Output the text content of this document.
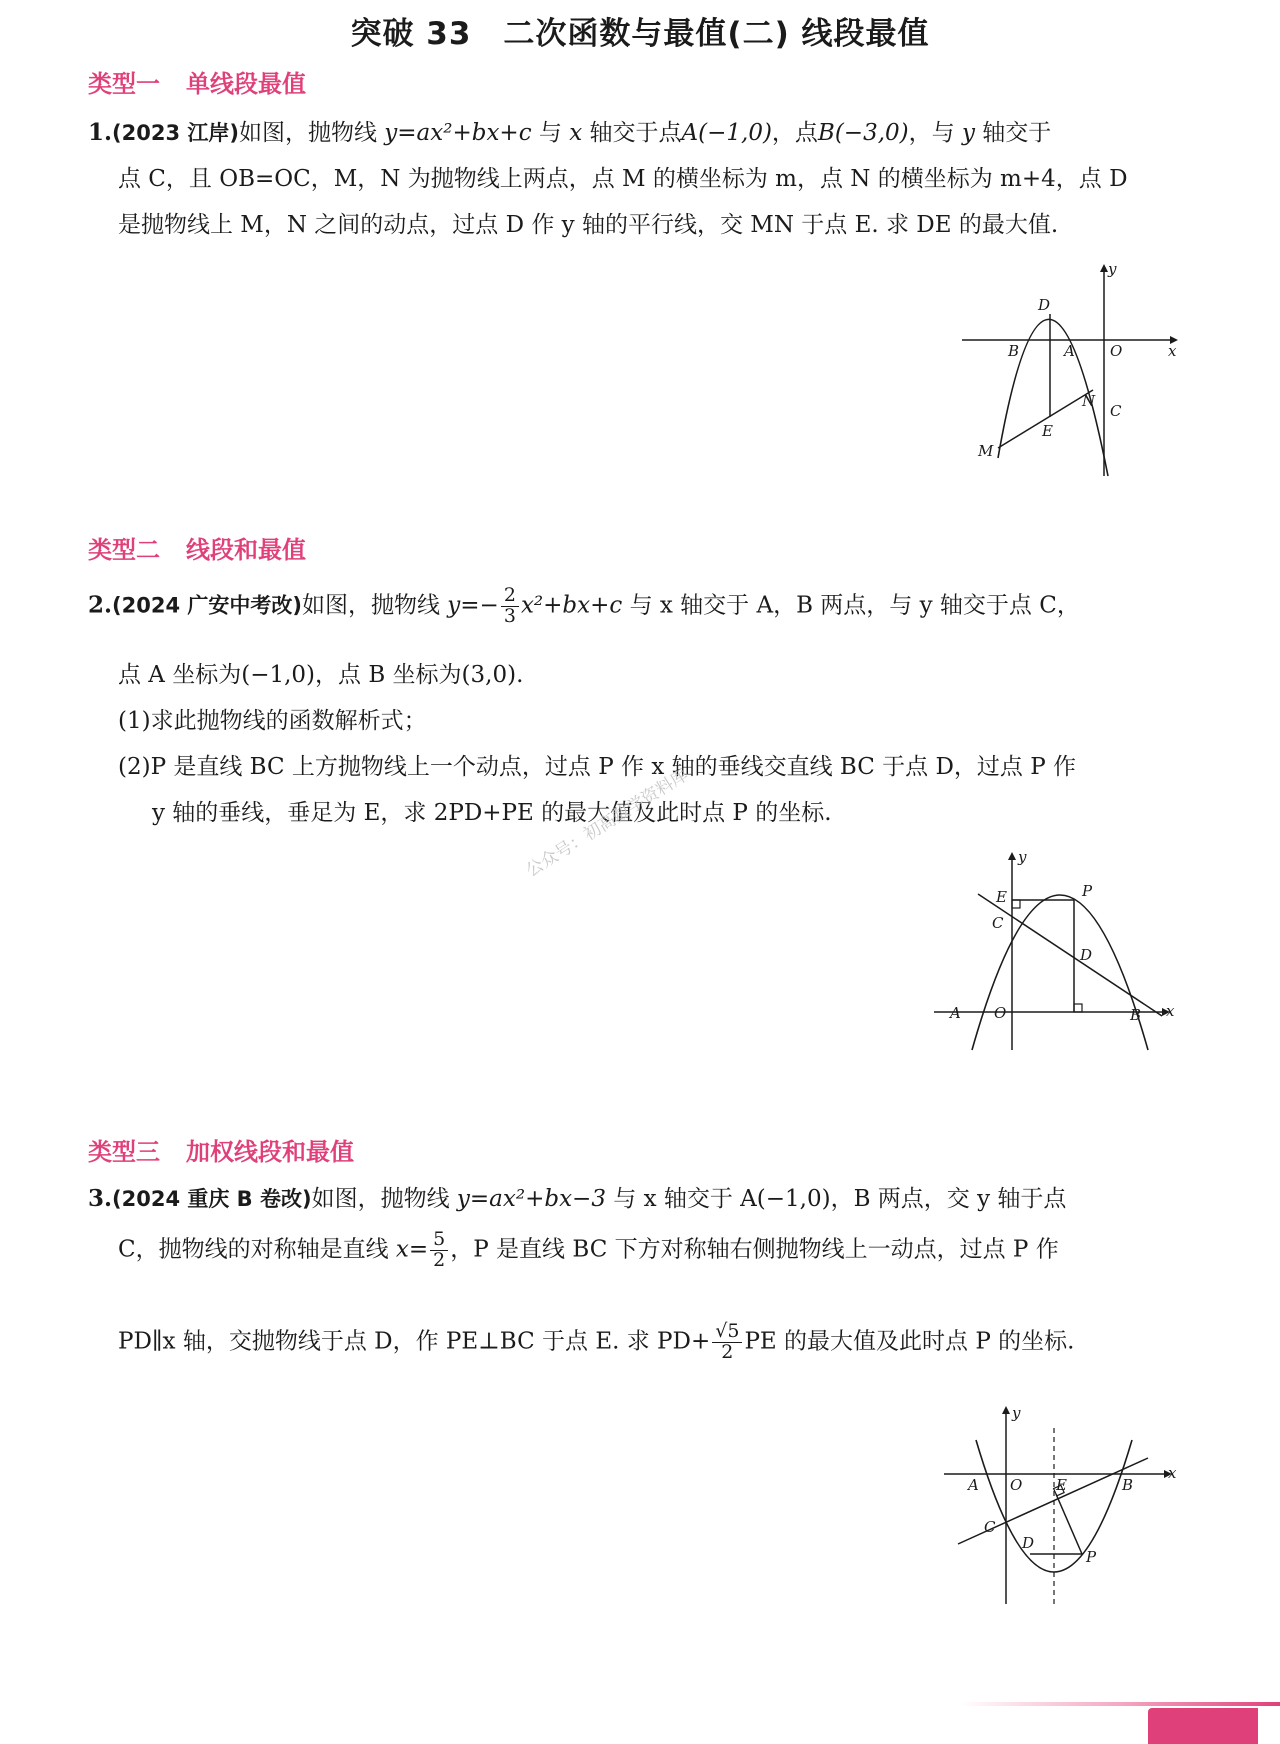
突破 33　二次函数与最值(二) 线段最值
类型一 单线段最值
1.(2023 江岸)如图，抛物线 y=ax²+bx+c 与 x 轴交于点A(−1,0)，点B(−3,0)，与 y 轴交于
点 C，且 OB=OC，M，N 为抛物线上两点，点 M 的横坐标为 m，点 N 的横坐标为 m+4，点 D
是抛物线上 M，N 之间的动点，过点 D 作 y 轴的平行线，交 MN 于点 E. 求 DE 的最大值.
y
x
D
B	A O
N
C
E
M
类型二 线段和最值
2.(2024 广安中考改)如图，抛物线 $y=- \frac{2}{3} x^2+bx+c$ 与 x 轴交于 A，B 两点，与 y 轴交于点 C，
点 A 坐标为(−1,0)，点 B 坐标为(3,0).
(1)求此抛物线的函数解析式；
(2)P 是直线 BC 上方抛物线上一个动点，过点 P 作 x 轴的垂线交直线 BC 于点 D，过点 P 作
y 轴的垂线，垂足为 E，求 2PD+PE 的最大值及此时点 P 的坐标.
公众号：初高数学资料库	y
x
E	P
C
D
A O	B
类型三 加权线段和最值
3.(2024 重庆 B 卷改)如图，抛物线 y=ax²+bx−3 与 x 轴交于 A(−1,0)，B 两点，交 y 轴于点
C，抛物线的对称轴是直线 $x= \frac{5}{2}$ ，P 是直线 BC 下方对称轴右侧抛物线上一动点，过点 P 作
PD∥x 轴，交抛物线于点 D，作 PE⊥BC 于点 E. 求 $PD+ \frac{√5}{2}$ PE 的最大值及此时点 P 的坐标.
y
x
A O E	B
C
D
P
